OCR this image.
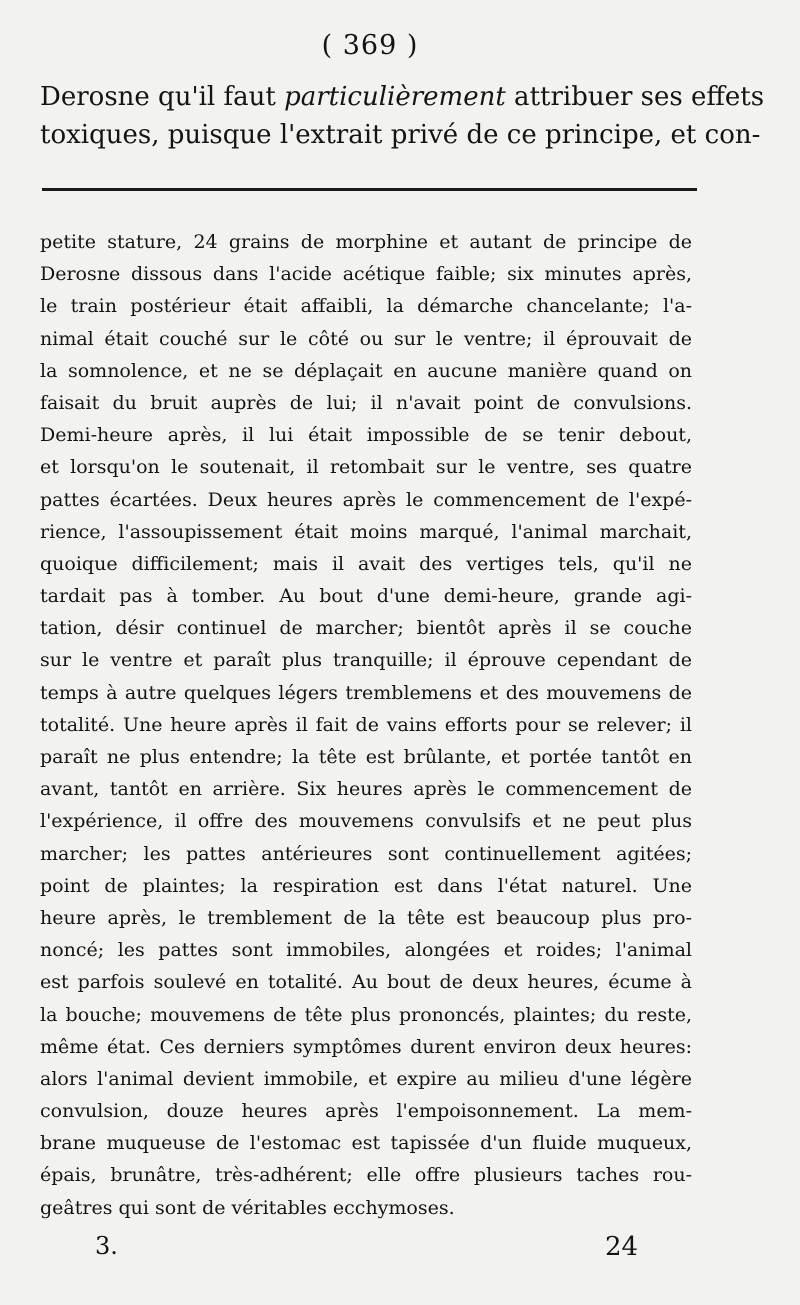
( 369 )
Derosne qu'il faut particulièrement attribuer ses effets
toxiques, puisque l'extrait privé de ce principe, et con-
petite stature, 24 grains de morphine et autant de principe de
Derosne dissous dans l'acide acétique faible; six minutes après,
le train postérieur était affaibli, la démarche chancelante; l'a-
nimal était couché sur le côté ou sur le ventre; il éprouvait de
la somnolence, et ne se déplaçait en aucune manière quand on
faisait du bruit auprès de lui; il n'avait point de convulsions.
Demi-heure après, il lui était impossible de se tenir debout,
et lorsqu'on le soutenait, il retombait sur le ventre, ses quatre
pattes écartées. Deux heures après le commencement de l'expé-
rience, l'assoupissement était moins marqué, l'animal marchait,
quoique difficilement; mais il avait des vertiges tels, qu'il ne
tardait pas à tomber. Au bout d'une demi-heure, grande agi-
tation, désir continuel de marcher; bientôt après il se couche
sur le ventre et paraît plus tranquille; il éprouve cependant de
temps à autre quelques légers tremblemens et des mouvemens de
totalité. Une heure après il fait de vains efforts pour se relever; il
paraît ne plus entendre; la tête est brûlante, et portée tantôt en
avant, tantôt en arrière. Six heures après le commencement de
l'expérience, il offre des mouvemens convulsifs et ne peut plus
marcher; les pattes antérieures sont continuellement agitées;
point de plaintes; la respiration est dans l'état naturel. Une
heure après, le tremblement de la tête est beaucoup plus pro-
noncé; les pattes sont immobiles, alongées et roides; l'animal
est parfois soulevé en totalité. Au bout de deux heures, écume à
la bouche; mouvemens de tête plus prononcés, plaintes; du reste,
même état. Ces derniers symptômes durent environ deux heures:
alors l'animal devient immobile, et expire au milieu d'une légère
convulsion, douze heures après l'empoisonnement. La mem-
brane muqueuse de l'estomac est tapissée d'un fluide muqueux,
épais, brunâtre, très-adhérent; elle offre plusieurs taches rou-
geâtres qui sont de véritables ecchymoses.
3.	24
